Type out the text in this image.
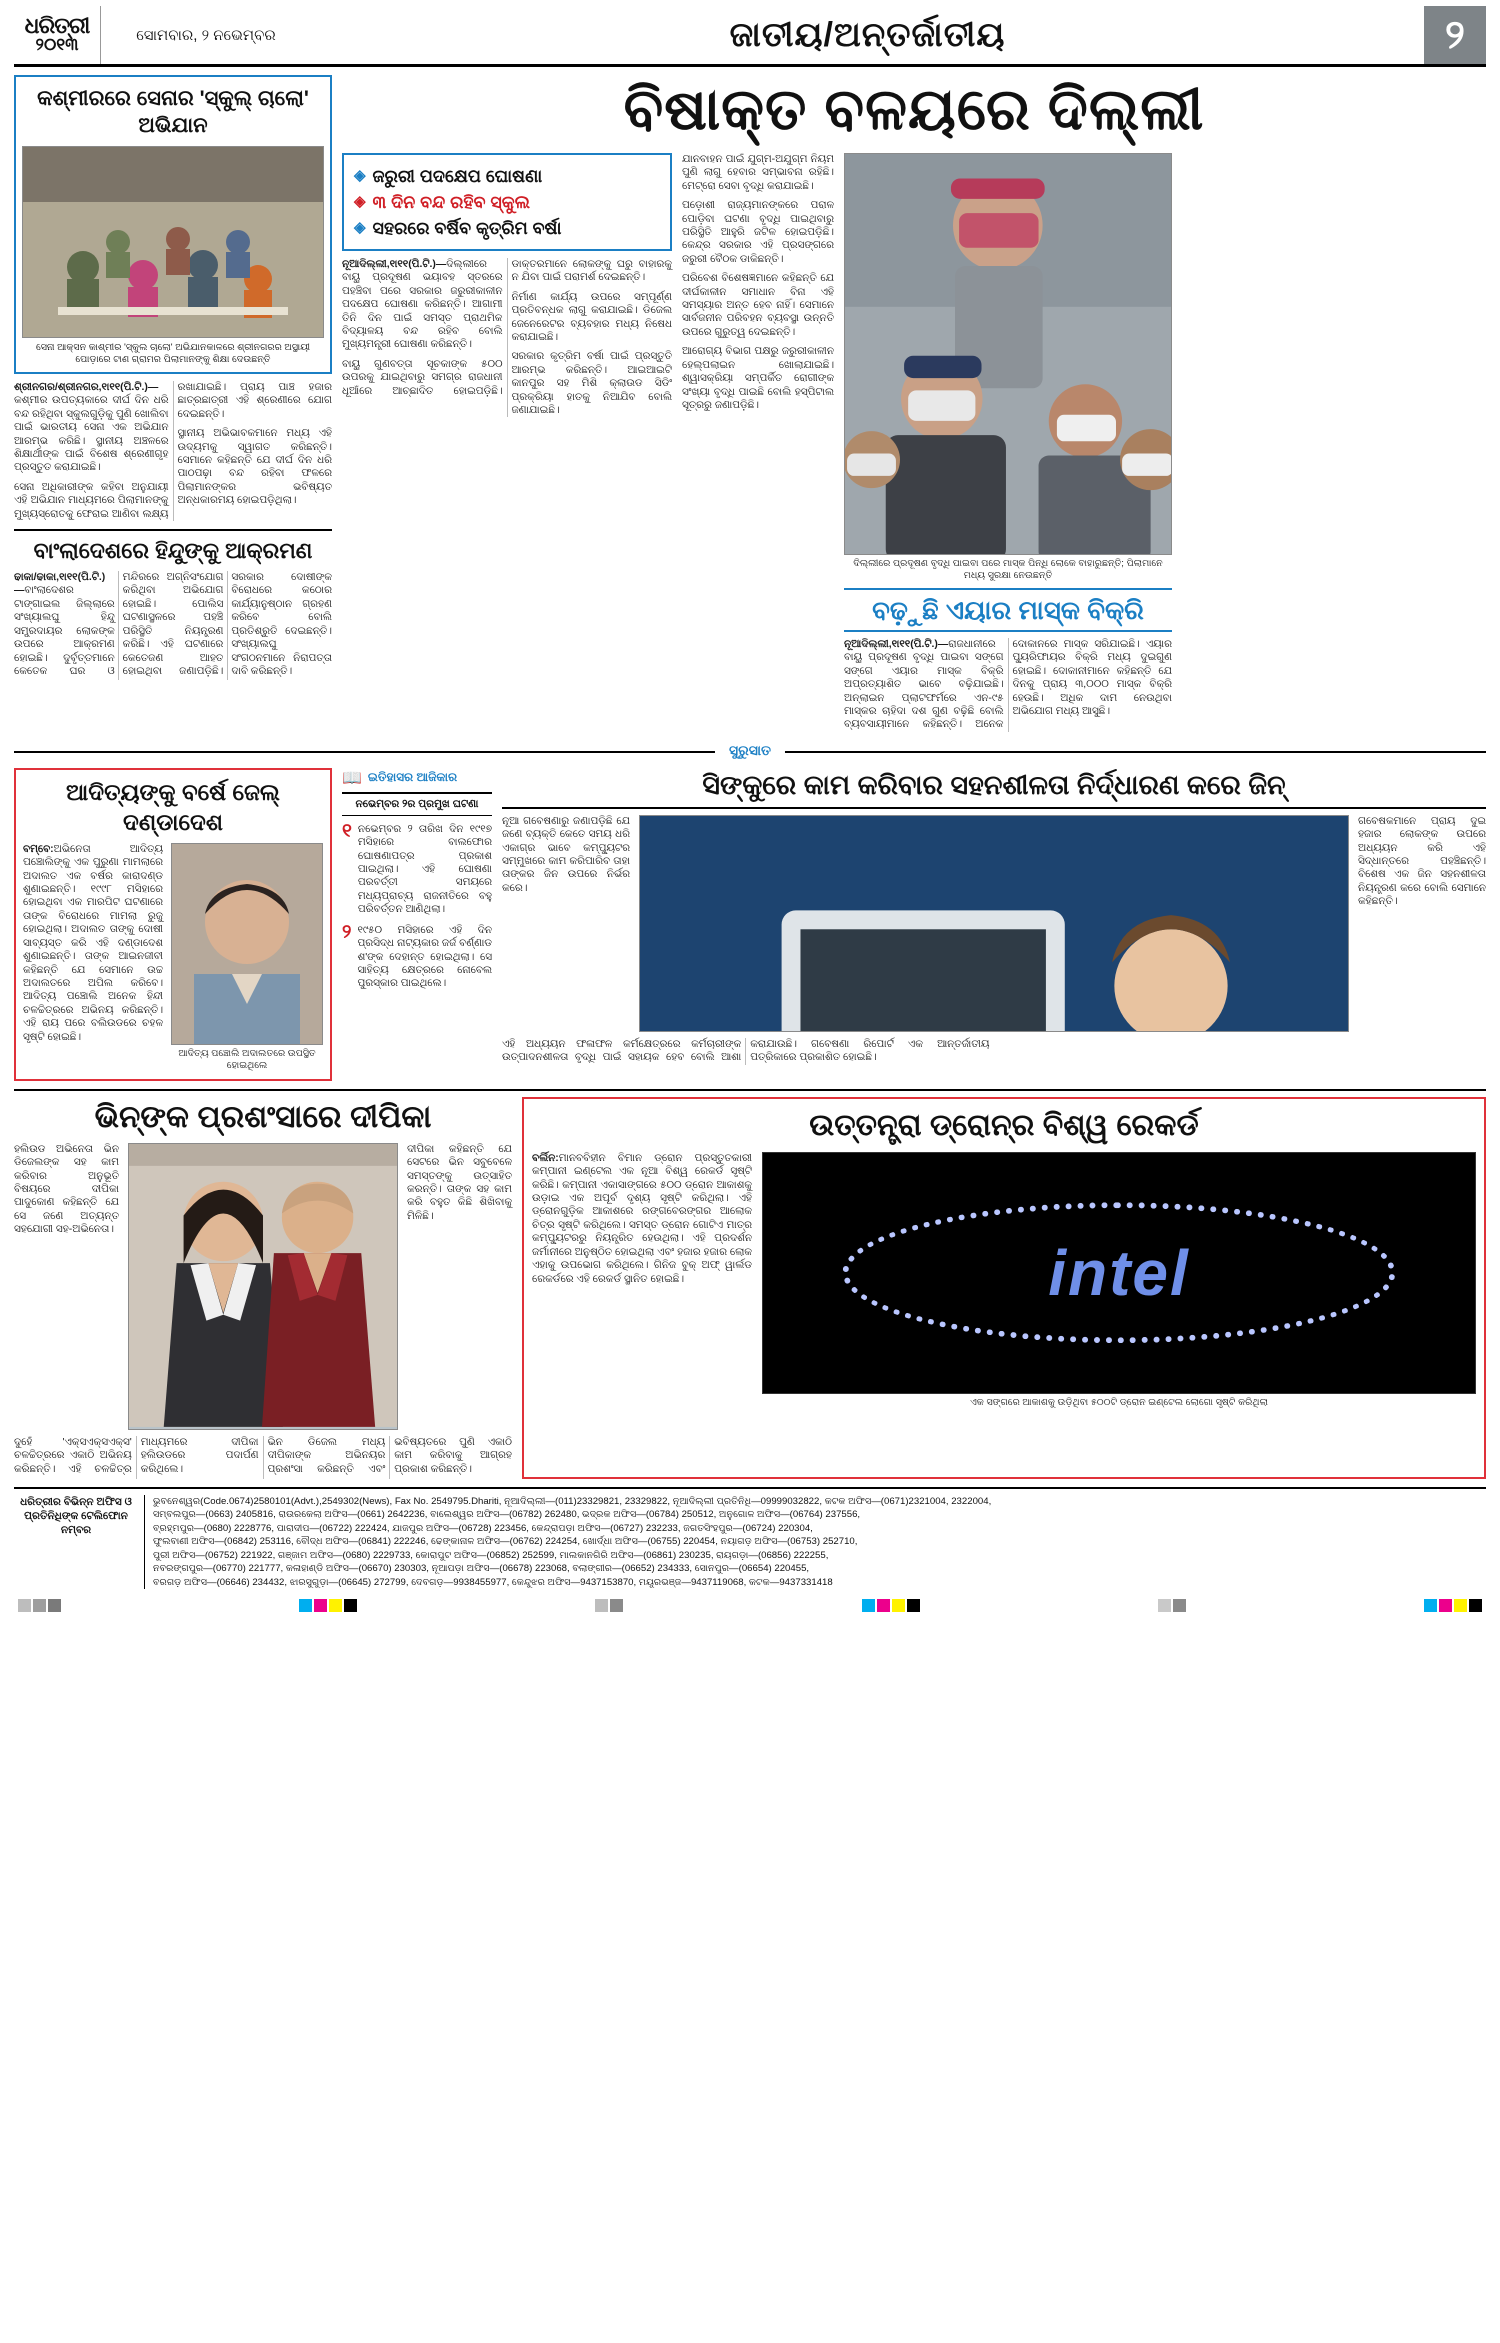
ଧରିତ୍ରୀ
୨୦୧୩	ସୋମବାର, ୨ ନଭେମ୍ବର	ଜାତୀୟ/ଅନ୍ତର୍ଜାତୀୟ	୨
କଶ୍ମୀରରେ ସେନାର 'ସ୍କୁଲ୍ ଚାଲୋ' ଅଭିଯାନ
ସେନା ଆକ୍ସନ କାଶ୍ମୀର 'ସ୍କୁଲ ଚାଲୋ' ଅଭିଯାନକାଳରେ ଶ୍ରୀନଗରର ଅସ୍ଥାୟୀ ପୋଡ଼ାରେ ଟାଣ ଗ୍ରାମର ପିଲାମାନଙ୍କୁ ଶିକ୍ଷା ଦେଉଛନ୍ତି

ଶ୍ରୀନଗର/ଶ୍ରୀନଗର,୧ା୧୧(ପି.ଟି.)—କଶ୍ମୀର ଉପତ୍ୟକାରେ ଦୀର୍ଘ ଦିନ ଧରି ବନ୍ଦ ରହିଥିବା ସ୍କୁଲଗୁଡ଼ିକୁ ପୁଣି ଖୋଲିବା ପାଇଁ ଭାରତୀୟ ସେନା ଏକ ଅଭିଯାନ ଆରମ୍ଭ କରିଛି। ସ୍ଥାନୀୟ ଅଞ୍ଚଳରେ ଶିକ୍ଷାର୍ଥୀଙ୍କ ପାଇଁ ବିଶେଷ ଶ୍ରେଣୀଗୃହ ପ୍ରସ୍ତୁତ କରାଯାଇଛି।

ସେନା ଅଧିକାରୀଙ୍କ କହିବା ଅନୁଯାୟୀ ଏହି ଅଭିଯାନ ମାଧ୍ୟମରେ ପିଲାମାନଙ୍କୁ ମୁଖ୍ୟସ୍ରୋତକୁ ଫେରାଇ ଆଣିବା ଲକ୍ଷ୍ୟ ରଖାଯାଇଛି। ପ୍ରାୟ ପାଞ୍ଚ ହଜାର ଛାତ୍ରଛାତ୍ରୀ ଏହି ଶ୍ରେଣୀରେ ଯୋଗ ଦେଇଛନ୍ତି।

ସ୍ଥାନୀୟ ଅଭିଭାବକମାନେ ମଧ୍ୟ ଏହି ଉଦ୍ୟମକୁ ସ୍ୱାଗତ କରିଛନ୍ତି। ସେମାନେ କହିଛନ୍ତି ଯେ ଦୀର୍ଘ ଦିନ ଧରି ପାଠପଢ଼ା ବନ୍ଦ ରହିବା ଫଳରେ ପିଲାମାନଙ୍କର ଭବିଷ୍ୟତ ଅନ୍ଧକାରମୟ ହୋଇପଡ଼ିଥିଲା।

ବାଂଲାଦେଶରେ ହିନ୍ଦୁଙ୍କୁ ଆକ୍ରମଣ

ଢାକା/ଢାକା,୧ା୧୧(ପି.ଟି.)—ବାଂଲାଦେଶର ଟାଙ୍ଗାଇଲ ଜିଲ୍ଲାରେ ସଂଖ୍ୟାଲଘୁ ହିନ୍ଦୁ ସମ୍ପ୍ରଦାୟର ଲୋକଙ୍କ ଉପରେ ଆକ୍ରମଣ ହୋଇଛି। ଦୁର୍ବୃତ୍ତମାନେ କେତେକ ଘର ଓ ମନ୍ଦିରରେ ଅଗ୍ନିସଂଯୋଗ କରିଥିବା ଅଭିଯୋଗ ହୋଇଛି। ପୋଲିସ ଘଟଣାସ୍ଥଳରେ ପହଞ୍ଚି ପରିସ୍ଥିତି ନିୟନ୍ତ୍ରଣ କରିଛି। ଏହି ଘଟଣାରେ କେତେଜଣ ଆହତ ହୋଇଥିବା ଜଣାପଡ଼ିଛି। ସରକାର ଦୋଷୀଙ୍କ ବିରୋଧରେ କଠୋର କାର୍ଯ୍ୟାନୁଷ୍ଠାନ ଗ୍ରହଣ କରିବେ ବୋଲି ପ୍ରତିଶ୍ରୁତି ଦେଇଛନ୍ତି। ସଂଖ୍ୟାଲଘୁ ସଂଗଠନମାନେ ନିରାପତ୍ତା ଦାବି କରିଛନ୍ତି।

ବିଷାକ୍ତ ବଳୟରେ ଦିଲ୍ଲୀ
◈ ଜରୁରୀ ପଦକ୍ଷେପ ଘୋଷଣା
◈ ୩ ଦିନ ବନ୍ଦ ରହିବ ସ୍କୁଲ
◈ ସହରରେ ବର୍ଷିବ କୃତ୍ରିମ ବର୍ଷା

ନୂଆଦିଲ୍ଲୀ,୧ା୧୧(ପି.ଟି.)—ଦିଲ୍ଲୀରେ ବାୟୁ ପ୍ରଦୂଷଣ ଭୟାବହ ସ୍ତରରେ ପହଞ୍ଚିବା ପରେ ସରକାର ଜରୁରୀକାଳୀନ ପଦକ୍ଷେପ ଘୋଷଣା କରିଛନ୍ତି। ଆଗାମୀ ତିନି ଦିନ ପାଇଁ ସମସ୍ତ ପ୍ରାଥମିକ ବିଦ୍ୟାଳୟ ବନ୍ଦ ରହିବ ବୋଲି ମୁଖ୍ୟମନ୍ତ୍ରୀ ଘୋଷଣା କରିଛନ୍ତି।

ବାୟୁ ଗୁଣବତ୍ତା ସୂଚକାଙ୍କ ୫୦୦ ଉପରକୁ ଯାଇଥିବାରୁ ସମଗ୍ର ରାଜଧାନୀ ଧୂଆଁରେ ଆଚ୍ଛାଦିତ ହୋଇପଡ଼ିଛି। ଡାକ୍ତରମାନେ ଲୋକଙ୍କୁ ଘରୁ ବାହାରକୁ ନ ଯିବା ପାଇଁ ପରାମର୍ଶ ଦେଇଛନ୍ତି।

ନିର୍ମାଣ କାର୍ଯ୍ୟ ଉପରେ ସମ୍ପୂର୍ଣ୍ଣ ପ୍ରତିବନ୍ଧକ ଲାଗୁ କରାଯାଇଛି। ଡିଜେଲ ଜେନେରେଟର ବ୍ୟବହାର ମଧ୍ୟ ନିଷେଧ କରାଯାଇଛି।

ସରକାର କୃତ୍ରିମ ବର୍ଷା ପାଇଁ ପ୍ରସ୍ତୁତି ଆରମ୍ଭ କରିଛନ୍ତି। ଆଇଆଇଟି କାନପୁର ସହ ମିଶି କ୍ଲାଉଡ ସିଡିଂ ପ୍ରକ୍ରିୟା ହାତକୁ ନିଆଯିବ ବୋଲି ଜଣାଯାଇଛି।

ଯାନବାହନ ପାଇଁ ଯୁଗ୍ମ-ଅଯୁଗ୍ମ ନିୟମ ପୁଣି ଲାଗୁ ହେବାର ସମ୍ଭାବନା ରହିଛି। ମେଟ୍ରୋ ସେବା ବୃଦ୍ଧି କରାଯାଇଛି।

ପଡ଼ୋଶୀ ରାଜ୍ୟମାନଙ୍କରେ ପରାଳ ପୋଡ଼ିବା ଘଟଣା ବୃଦ୍ଧି ପାଇଥିବାରୁ ପରିସ୍ଥିତି ଆହୁରି ଜଟିଳ ହୋଇପଡ଼ିଛି। କେନ୍ଦ୍ର ସରକାର ଏହି ପ୍ରସଙ୍ଗରେ ଜରୁରୀ ବୈଠକ ଡାକିଛନ୍ତି।

ପରିବେଶ ବିଶେଷଜ୍ଞମାନେ କହିଛନ୍ତି ଯେ ଦୀର୍ଘକାଳୀନ ସମାଧାନ ବିନା ଏହି ସମସ୍ୟାର ଅନ୍ତ ହେବ ନାହିଁ। ସେମାନେ ସାର୍ବଜନୀନ ପରିବହନ ବ୍ୟବସ୍ଥା ଉନ୍ନତି ଉପରେ ଗୁରୁତ୍ୱ ଦେଇଛନ୍ତି।

ଆରୋଗ୍ୟ ବିଭାଗ ପକ୍ଷରୁ ଜରୁରୀକାଳୀନ ହେଲ୍ପଲାଇନ ଖୋଲାଯାଇଛି। ଶ୍ୱାସକ୍ରିୟା ସମ୍ପର୍କିତ ରୋଗୀଙ୍କ ସଂଖ୍ୟା ବୃଦ୍ଧି ପାଇଛି ବୋଲି ହସ୍ପିଟାଲ ସୂତ୍ରରୁ ଜଣାପଡ଼ିଛି।

ଦିଲ୍ଲୀରେ ପ୍ରଦୂଷଣ ବୃଦ୍ଧି ପାଇବା ପରେ ମାସ୍କ ପିନ୍ଧି ଲୋକେ ବାହାରୁଛନ୍ତି; ପିଲାମାନେ ମଧ୍ୟ ସୁରକ୍ଷା ନେଉଛନ୍ତି
ବଢ଼ୁଛି ଏୟାର ମାସ୍କ ବିକ୍ରି

ନୂଆଦିଲ୍ଲୀ,୧ା୧୧(ପି.ଟି.)—ରାଜଧାନୀରେ ବାୟୁ ପ୍ରଦୂଷଣ ବୃଦ୍ଧି ପାଇବା ସଙ୍ଗେ ସଙ୍ଗେ ଏୟାର ମାସ୍କ ବିକ୍ରି ଅପ୍ରତ୍ୟାଶିତ ଭାବେ ବଢ଼ିଯାଇଛି। ଅନ୍‌ଲାଇନ ପ୍ଲାଟଫର୍ମରେ ଏନ-୯୫ ମାସ୍କର ଚାହିଦା ଦଶ ଗୁଣ ବଢ଼ିଛି ବୋଲି ବ୍ୟବସାୟୀମାନେ କହିଛନ୍ତି। ଅନେକ ଦୋକାନରେ ମାସ୍କ ସରିଯାଇଛି। ଏୟାର ପ୍ୟୁରିଫାୟର ବିକ୍ରି ମଧ୍ୟ ଦୁଇଗୁଣ ହୋଇଛି। ଦୋକାନୀମାନେ କହିଛନ୍ତି ଯେ ଦିନକୁ ପ୍ରାୟ ୩,୦୦୦ ମାସ୍କ ବିକ୍ରି ହେଉଛି। ଅଧିକ ଦାମ ନେଉଥିବା ଅଭିଯୋଗ ମଧ୍ୟ ଆସୁଛି।

ସୁରୁସାତ
ଆଦିତ୍ୟଙ୍କୁ ବର୍ଷେ ଜେଲ୍ ଦଣ୍ଡାଦେଶ

ବମ୍ବେ:ଅଭିନେତା ଆଦିତ୍ୟ ପଞ୍ଚୋଲିଙ୍କୁ ଏକ ପୁରୁଣା ମାମଲାରେ ଅଦାଲତ ଏକ ବର୍ଷର କାରାଦଣ୍ଡ ଶୁଣାଇଛନ୍ତି। ୧୯୯୮ ମସିହାରେ ହୋଇଥିବା ଏକ ମାରପିଟ ଘଟଣାରେ ତାଙ୍କ ବିରୋଧରେ ମାମଲା ରୁଜୁ ହୋଇଥିଲା। ଅଦାଲତ ତାଙ୍କୁ ଦୋଷୀ ସାବ୍ୟସ୍ତ କରି ଏହି ଦଣ୍ଡାଦେଶ ଶୁଣାଇଛନ୍ତି। ତାଙ୍କ ଆଇନଜୀବୀ କହିଛନ୍ତି ଯେ ସେମାନେ ଉଚ୍ଚ ଅଦାଲତରେ ଅପିଲ କରିବେ। ଆଦିତ୍ୟ ପଞ୍ଚୋଲି ଅନେକ ହିନ୍ଦୀ ଚଳଚ୍ଚିତ୍ରରେ ଅଭିନୟ କରିଛନ୍ତି। ଏହି ରାୟ ପରେ ବଲିଉଡରେ ଚହଳ ସୃଷ୍ଟି ହୋଇଛି।

ଆଦିତ୍ୟ ପଞ୍ଚୋଲି ଅଦାଲତରେ ଉପସ୍ଥିତ ହୋଇଥିଲେ
📖 ଇତିହାସର ଆଜିକାର
ନଭେମ୍ବର ୨ର ପ୍ରମୁଖ ଘଟଣା
୧ ନଭେମ୍ବର ୨ ତାରିଖ ଦିନ ୧୯୧୭ ମସିହାରେ ବାଲଫୋର ଘୋଷଣାପତ୍ର ପ୍ରକାଶ ପାଇଥିଲା। ଏହି ଘୋଷଣା ପରବର୍ତ୍ତୀ ସମୟରେ ମଧ୍ୟପ୍ରାଚ୍ୟ ରାଜନୀତିରେ ବହୁ ପରିବର୍ତ୍ତନ ଆଣିଥିଲା।
୨ ୧୯୫୦ ମସିହାରେ ଏହି ଦିନ ପ୍ରସିଦ୍ଧ ନାଟ୍ୟକାର ଜର୍ଜ ବର୍ଣ୍ଣାଡ ଶ'ଙ୍କ ଦେହାନ୍ତ ହୋଇଥିଲା। ସେ ସାହିତ୍ୟ କ୍ଷେତ୍ରରେ ନୋବେଲ ପୁରସ୍କାର ପାଇଥିଲେ।
ସିଙ୍କୁରେ କାମ କରିବାର ସହନଶୀଳତା ନିର୍ଦ୍ଧାରଣ କରେ ଜିନ୍
ନୂଆ ଗବେଷଣାରୁ ଜଣାପଡ଼ିଛି ଯେ ଜଣେ ବ୍ୟକ୍ତି କେତେ ସମୟ ଧରି ଏକାଗ୍ର ଭାବେ କମ୍ପ୍ୟୁଟର ସମ୍ମୁଖରେ କାମ କରିପାରିବ ତାହା ତାଙ୍କର ଜିନ ଉପରେ ନିର୍ଭର କରେ।
ଗବେଷକମାନେ ପ୍ରାୟ ଦୁଇ ହଜାର ଲୋକଙ୍କ ଉପରେ ଅଧ୍ୟୟନ କରି ଏହି ସିଦ୍ଧାନ୍ତରେ ପହଞ୍ଚିଛନ୍ତି। ବିଶେଷ ଏକ ଜିନ ସହନଶୀଳତା ନିୟନ୍ତ୍ରଣ କରେ ବୋଲି ସେମାନେ କହିଛନ୍ତି।

ଏହି ଅଧ୍ୟୟନ ଫଳାଫଳ କର୍ମକ୍ଷେତ୍ରରେ କର୍ମଚାରୀଙ୍କ ଉତ୍ପାଦନଶୀଳତା ବୃଦ୍ଧି ପାଇଁ ସହାୟକ ହେବ ବୋଲି ଆଶା କରାଯାଉଛି। ଗବେଷଣା ରିପୋର୍ଟ ଏକ ଆନ୍ତର୍ଜାତୀୟ ପତ୍ରିକାରେ ପ୍ରକାଶିତ ହୋଇଛି।

ଭିନ୍‌ଙ୍କ ପ୍ରଶଂସାରେ ଦୀପିକା
ହଲିଉଡ ଅଭିନେତା ଭିନ ଡିଜେଲଙ୍କ ସହ କାମ କରିବାର ଅନୁଭୂତି ବିଷୟରେ ଦୀପିକା ପାଦୁକୋଣ କହିଛନ୍ତି ଯେ ସେ ଜଣେ ଅତ୍ୟନ୍ତ ସହଯୋଗୀ ସହ-ଅଭିନେତା।
ଦୀପିକା କହିଛନ୍ତି ଯେ ସେଟରେ ଭିନ ସବୁବେଳେ ସମସ୍ତଙ୍କୁ ଉତ୍ସାହିତ କରନ୍ତି। ତାଙ୍କ ସହ କାମ କରି ବହୁତ କିଛି ଶିଖିବାକୁ ମିଳିଛି।

ଦୁହେଁ 'ଏକ୍ସଏକ୍ସଏକ୍ସ' ଚଳଚ୍ଚିତ୍ରରେ ଏକାଠି ଅଭିନୟ କରିଛନ୍ତି। ଏହି ଚଳଚ୍ଚିତ୍ର ମାଧ୍ୟମରେ ଦୀପିକା ହଲିଉଡରେ ପଦାର୍ପଣ କରିଥିଲେ।

ଭିନ ଡିଜେଲ ମଧ୍ୟ ଦୀପିକାଙ୍କ ଅଭିନୟର ପ୍ରଶଂସା କରିଛନ୍ତି ଏବଂ ଭବିଷ୍ୟତରେ ପୁଣି ଏକାଠି କାମ କରିବାକୁ ଆଗ୍ରହ ପ୍ରକାଶ କରିଛନ୍ତି।

ଉତ୍ତନ୍ତ୍ରା ଡ୍ରୋନ୍‌ର ବିଶ୍ୱ ରେକର୍ଡ

ବର୍ଲିନ:ମାନବବିହୀନ ବିମାନ ଡ୍ରୋନ ପ୍ରସ୍ତୁତକାରୀ କମ୍ପାନୀ ଇଣ୍ଟେଲ ଏକ ନୂଆ ବିଶ୍ୱ ରେକର୍ଡ ସୃଷ୍ଟି କରିଛି। କମ୍ପାନୀ ଏକାସାଙ୍ଗରେ ୫୦୦ ଡ୍ରୋନ ଆକାଶକୁ ଉଡ଼ାଇ ଏକ ଅପୂର୍ବ ଦୃଶ୍ୟ ସୃଷ୍ଟି କରିଥିଲା। ଏହି ଡ୍ରୋନଗୁଡ଼ିକ ଆକାଶରେ ରଙ୍ଗବେରଙ୍ଗର ଆଲୋକ ଚିତ୍ର ସୃଷ୍ଟି କରିଥିଲେ। ସମସ୍ତ ଡ୍ରୋନ ଗୋଟିଏ ମାତ୍ର କମ୍ପ୍ୟୁଟରରୁ ନିୟନ୍ତ୍ରିତ ହେଉଥିଲା। ଏହି ପ୍ରଦର୍ଶନ ଜର୍ମାନୀରେ ଅନୁଷ୍ଠିତ ହୋଇଥିଲା ଏବଂ ହଜାର ହଜାର ଲୋକ ଏହାକୁ ଉପଭୋଗ କରିଥିଲେ। ଗିନିଜ ବୁକ୍ ଅଫ୍ ୱାର୍ଲଡ ରେକର୍ଡରେ ଏହି ରେକର୍ଡ ସ୍ଥାନିତ ହୋଇଛି।	intel
ଏକ ସଙ୍ଗରେ ଆକାଶକୁ ଉଡ଼ିଥିବା ୫୦୦ଟି ଡ୍ରୋନ ଇଣ୍ଟେଲ ଲୋଗୋ ସୃଷ୍ଟି କରିଥିଲା
ଧରିତ୍ରୀର ବିଭିନ୍ନ ଅଫିସ ଓ ପ୍ରତିନିଧିଙ୍କ ଟେଲିଫୋନ ନମ୍ବର
ଭୁବନେଶ୍ୱର(Code.0674)2580101(Advt.),2549302(News), Fax No. 2549795.Dhariti, ନୂଆଦିଲ୍ଲୀ—(011)23329821, 23329822, ନୂଆଦିଲ୍ଲୀ ପ୍ରତିନିଧି—09999032822, କଟକ ଅଫିସ—(0671)2321004, 2322004,
ସମ୍ବଲପୁର—(0663) 2405816, ରାଉରକେଲା ଅଫିସ—(0661) 2642236, ବାଲେଶ୍ୱର ଅଫିସ—(06782) 262480, ଭଦ୍ରକ ଅଫିସ—(06784) 250512, ଅନୁଗୋଳ ଅଫିସ—(06764) 237556,
ବ୍ରହ୍ମପୁର—(0680) 2228776, ପାରାଦୀପ—(06722) 222424, ଯାଜପୁର ଅଫିସ—(06728) 223456, କେନ୍ଦ୍ରାପଡ଼ା ଅଫିସ—(06727) 232233, ଜଗତସିଂହପୁର—(06724) 220304,
ଫୁଲବାଣୀ ଅଫିସ—(06842) 253116, ବୌଦ୍ଧ ଅଫିସ—(06841) 222246, ଢେଙ୍କାନାଳ ଅଫିସ—(06762) 224254, ଖୋର୍ଦ୍ଧା ଅଫିସ—(06755) 220454, ନୟାଗଡ଼ ଅଫିସ—(06753) 252710,
ପୁରୀ ଅଫିସ—(06752) 221922, ଗଞ୍ଜାମ ଅଫିସ—(0680) 2229733, କୋରାପୁଟ ଅଫିସ—(06852) 252599, ମାଲକାନଗିରି ଅଫିସ—(06861) 230235, ରାୟଗଡ଼ା—(06856) 222255,
ନବରଙ୍ଗପୁର—(06770) 221777, କଳାହାଣ୍ଡି ଅଫିସ—(06670) 230303, ନୂଆପଡ଼ା ଅଫିସ—(06678) 223068, ବଲାଙ୍ଗୀର—(06652) 234333, ସୋନପୁର—(06654) 220455,
ବରଗଡ଼ ଅଫିସ—(06646) 234432, ଝାରସୁଗୁଡ଼ା—(06645) 272799, ଦେବଗଡ଼—9938455977, କେନ୍ଦୁଝର ଅଫିସ—9437153870, ମୟୂରଭଞ୍ଜ—9437119068, କଟକ—9437331418
